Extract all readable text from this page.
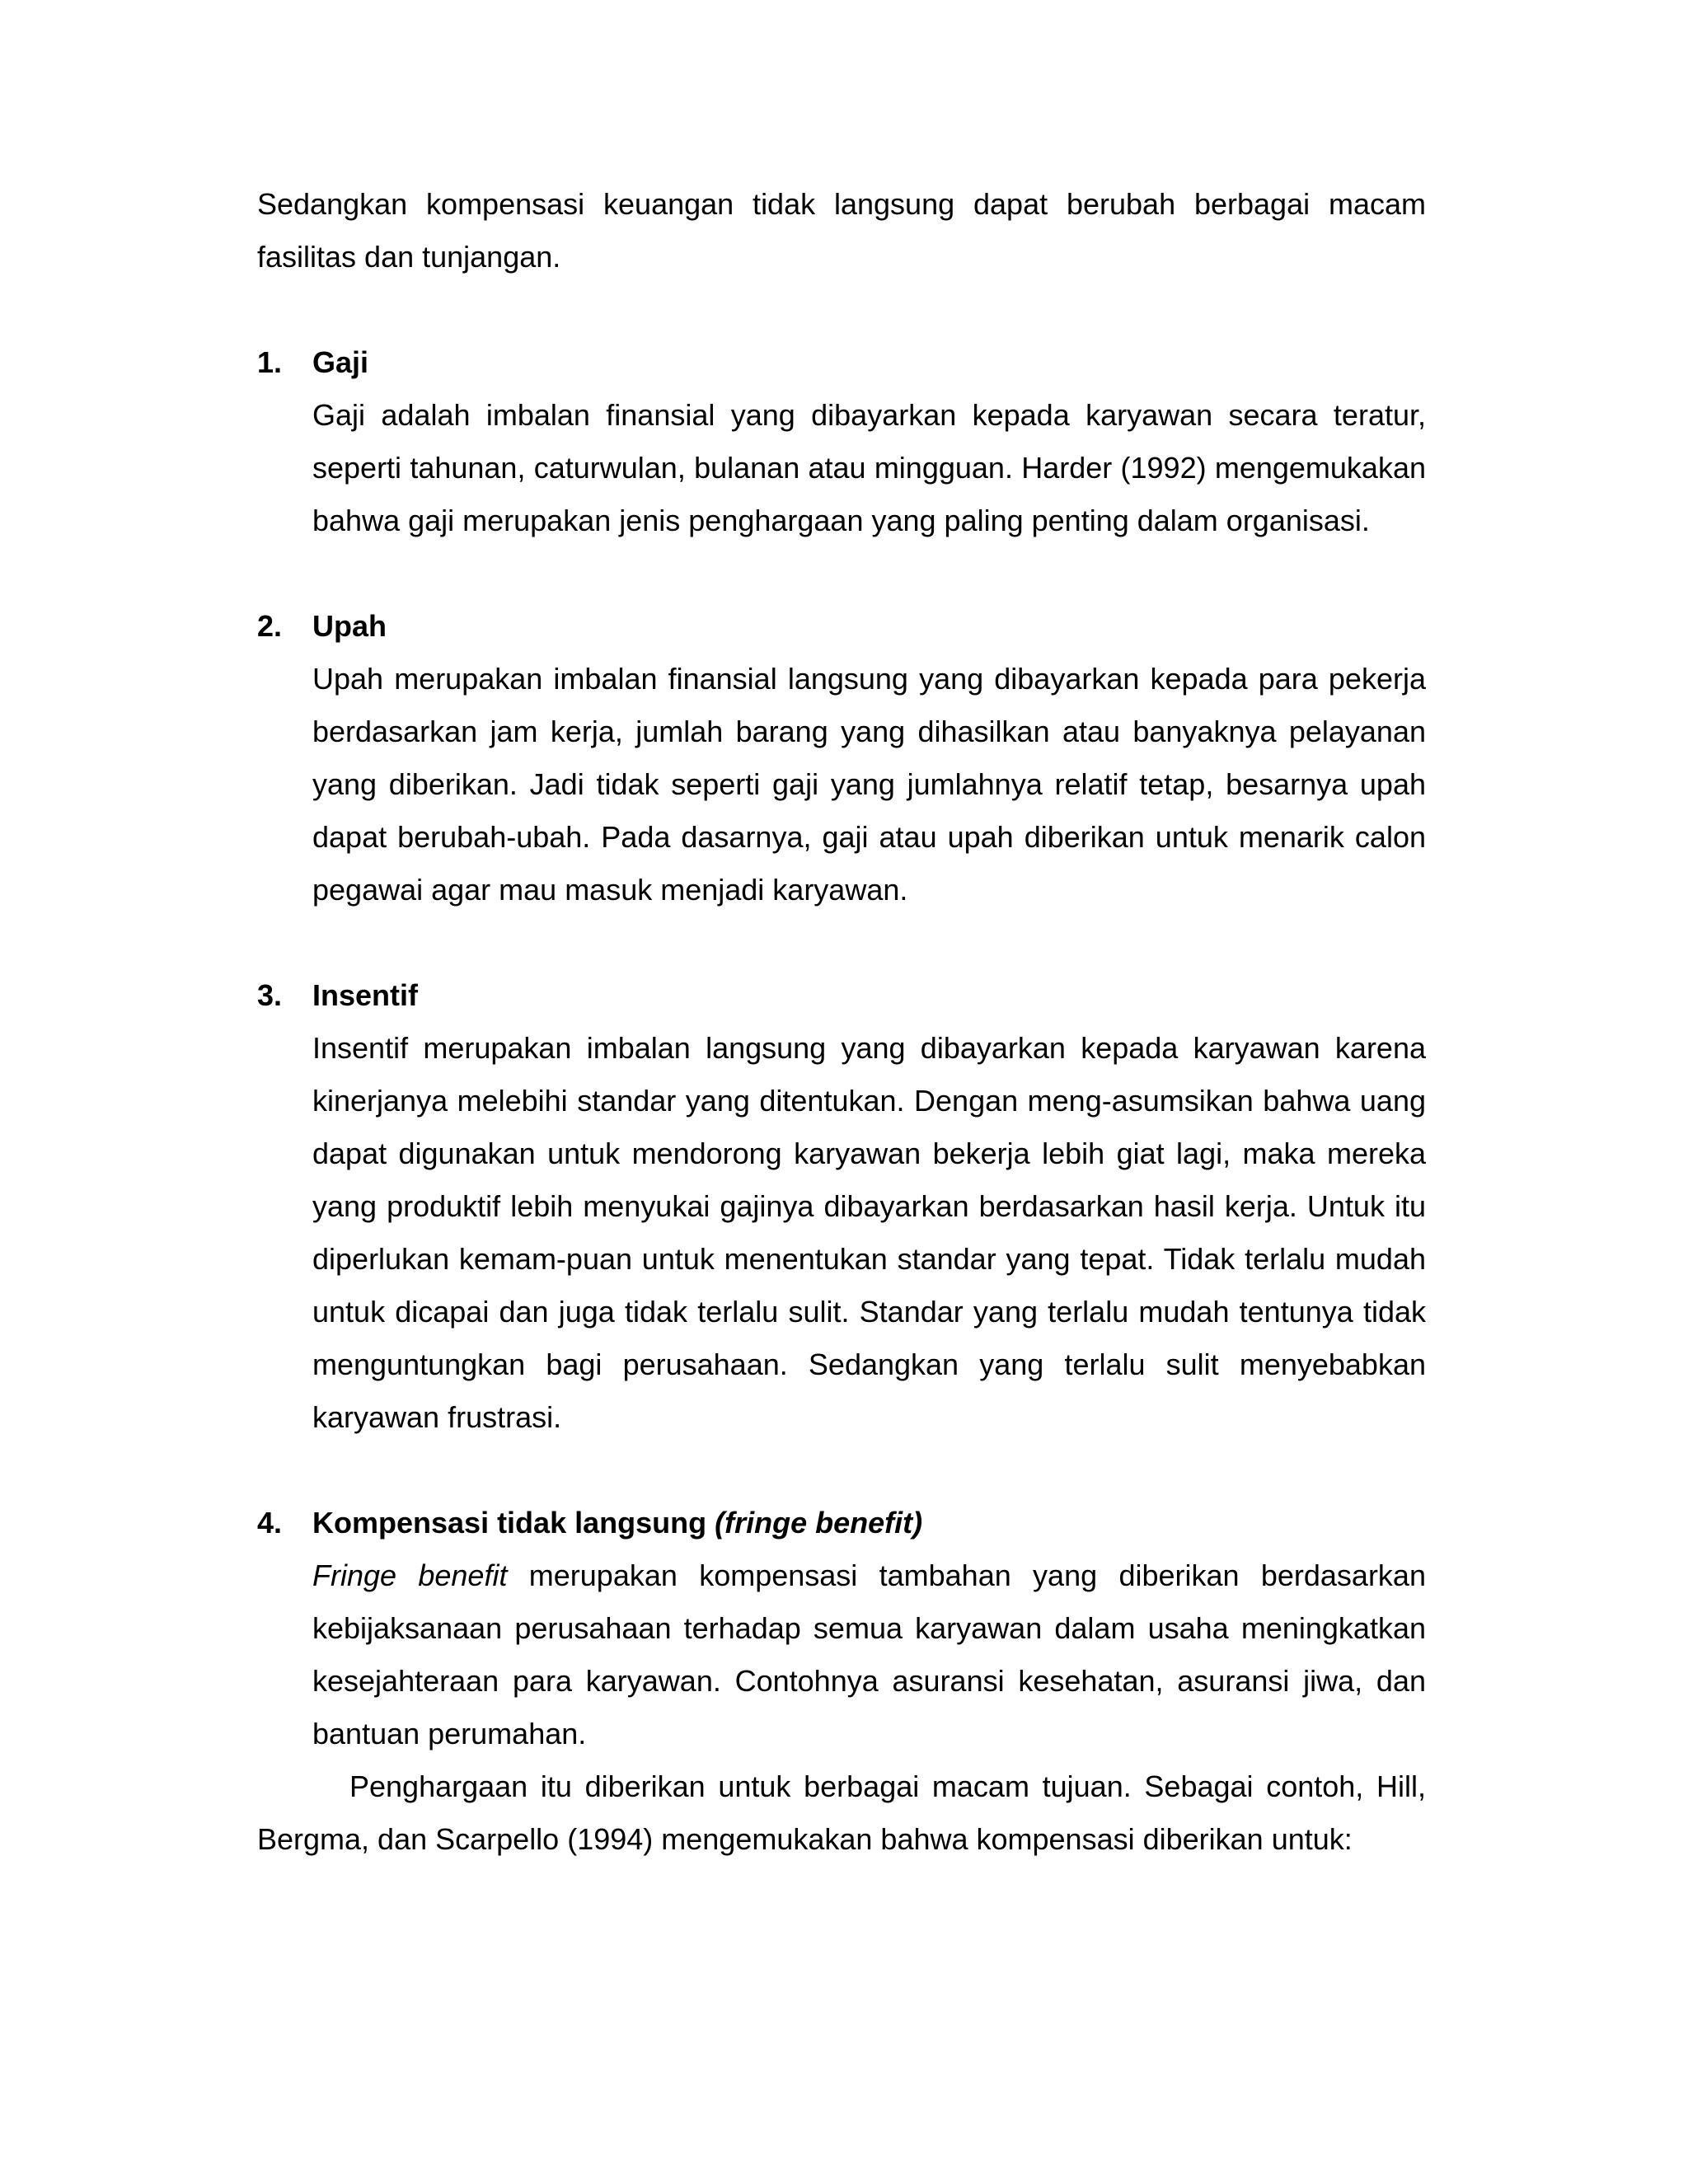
Sedangkan kompensasi keuangan tidak langsung dapat berubah berbagai macam fasilitas dan tunjangan.

1. Gaji

Gaji adalah imbalan finansial yang dibayarkan kepada karyawan secara teratur, seperti tahunan, caturwulan, bulanan atau mingguan. Harder (1992) mengemukakan bahwa gaji merupakan jenis penghargaan yang paling penting dalam organisasi.

2. Upah

Upah merupakan imbalan finansial langsung yang dibayarkan kepada para pekerja berdasarkan jam kerja, jumlah barang yang dihasilkan atau banyaknya pelayanan yang diberikan. Jadi tidak seperti gaji yang jumlahnya relatif tetap, besarnya upah dapat berubah-ubah. Pada dasarnya, gaji atau upah diberikan untuk menarik calon pegawai agar mau masuk menjadi karyawan.

3. Insentif

Insentif merupakan imbalan langsung yang dibayarkan kepada karyawan karena kinerjanya melebihi standar yang ditentukan. Dengan meng-asumsikan bahwa uang dapat digunakan untuk mendorong karyawan bekerja lebih giat lagi, maka mereka yang produktif lebih menyukai gajinya dibayarkan berdasarkan hasil kerja. Untuk itu diperlukan kemam-puan untuk menentukan standar yang tepat. Tidak terlalu mudah untuk dicapai dan juga tidak terlalu sulit. Standar yang terlalu mudah tentunya tidak menguntungkan bagi perusahaan. Sedangkan yang terlalu sulit menyebabkan karyawan frustrasi.

4. Kompensasi tidak langsung (fringe benefit)

Fringe benefit merupakan kompensasi tambahan yang diberikan berdasarkan kebijaksanaan perusahaan terhadap semua karyawan dalam usaha meningkatkan kesejahteraan para karyawan. Contohnya asuransi kesehatan, asuransi jiwa, dan bantuan perumahan.

Penghargaan itu diberikan untuk berbagai macam tujuan. Sebagai contoh, Hill, Bergma, dan Scarpello (1994) mengemukakan bahwa kompensasi diberikan untuk:
